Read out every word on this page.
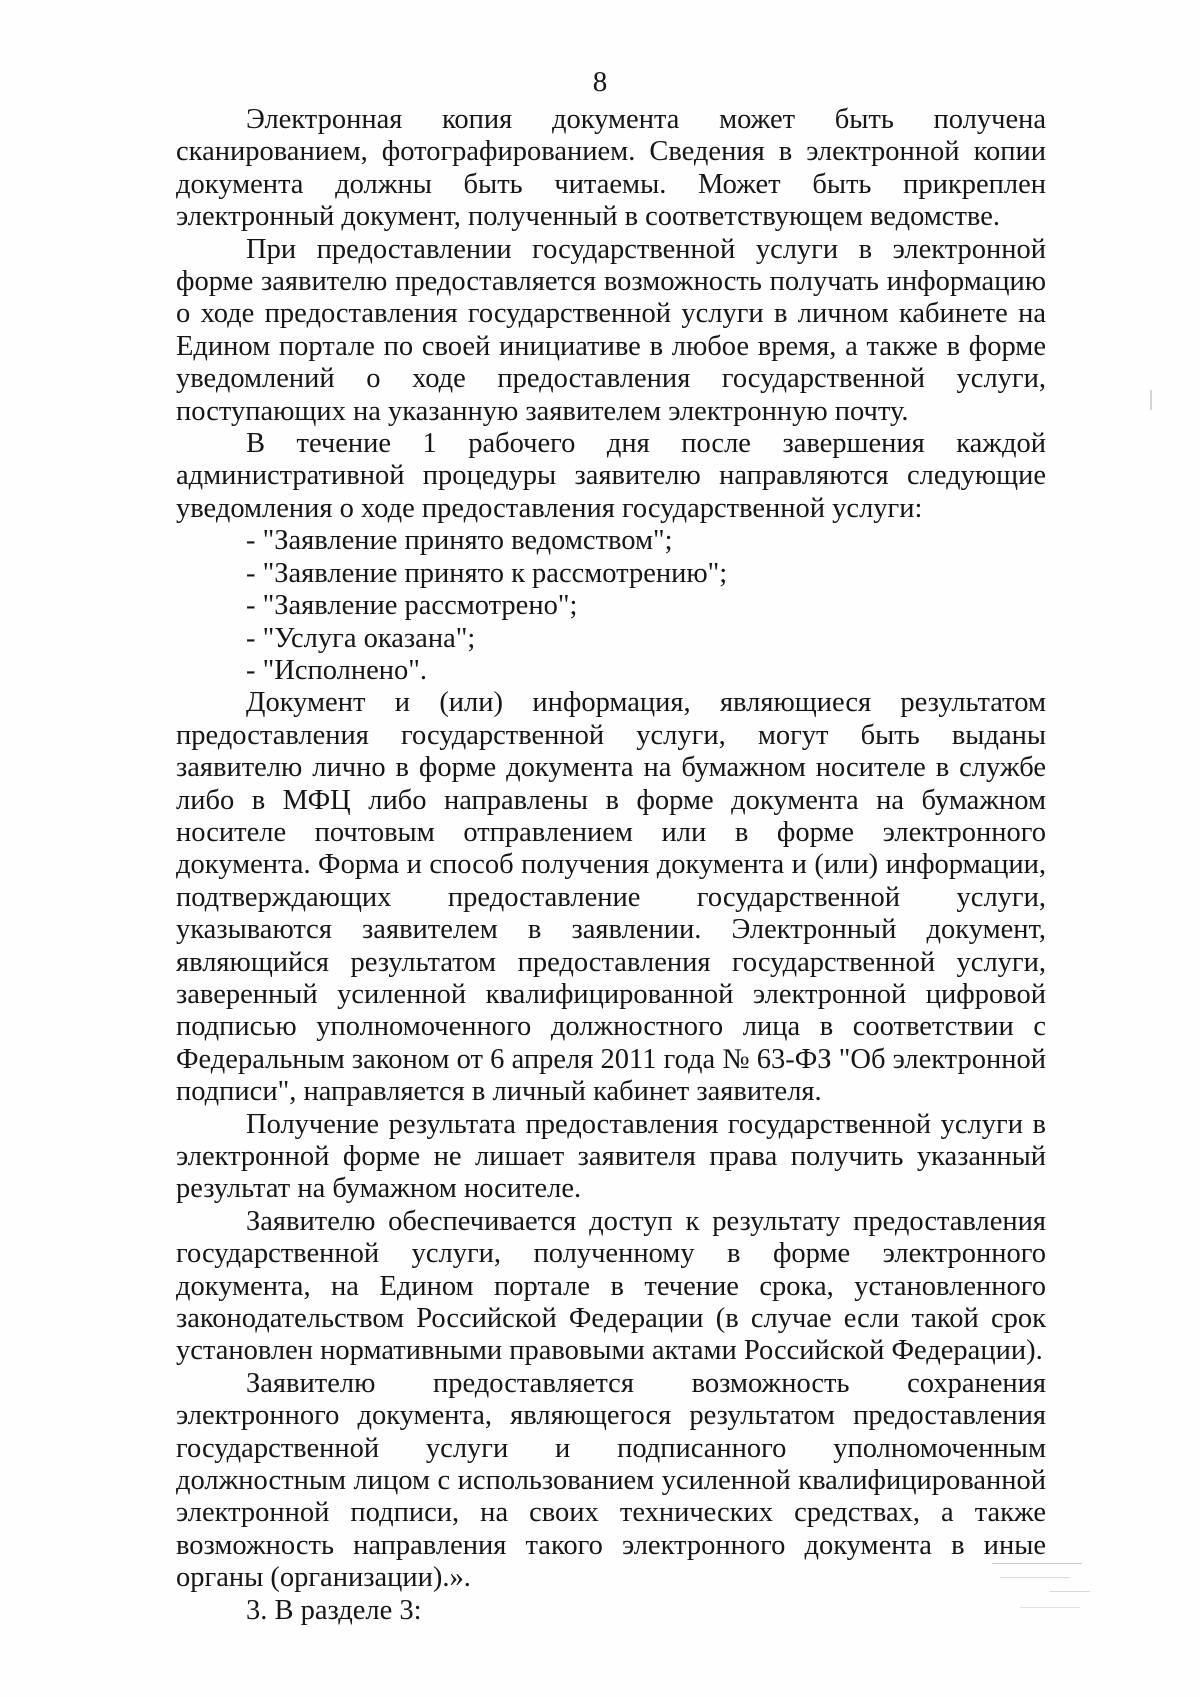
8

Электронная копия документа может быть получена сканированием, фотографированием. Сведения в электронной копии документа должны быть читаемы. Может быть прикреплен электронный документ, полученный в соответствующем ведомстве.

При предоставлении государственной услуги в электронной форме заявителю предоставляется возможность получать информацию о ходе предоставления государственной услуги в личном кабинете на Едином портале по своей инициативе в любое время, а также в форме уведомлений о ходе предоставления государственной услуги, поступающих на указанную заявителем электронную почту.

В течение 1 рабочего дня после завершения каждой административной процедуры заявителю направляются следующие уведомления о ходе предоставления государственной услуги:

- "Заявление принято ведомством";

- "Заявление принято к рассмотрению";

- "Заявление рассмотрено";

- "Услуга оказана";

- "Исполнено".

Документ и (или) информация, являющиеся результатом предоставления государственной услуги, могут быть выданы заявителю лично в форме документа на бумажном носителе в службе либо в МФЦ либо направлены в форме документа на бумажном носителе почтовым отправлением или в форме электронного документа. Форма и способ получения документа и (или) информации, подтверждающих предоставление государственной услуги, указываются заявителем в заявлении. Электронный документ, являющийся результатом предоставления государственной услуги, заверенный усиленной квалифицированной электронной цифровой подписью уполномоченного должностного лица в соответствии с Федеральным законом от 6 апреля 2011 года № 63-ФЗ "Об электронной подписи", направляется в личный кабинет заявителя.

Получение результата предоставления государственной услуги в электронной форме не лишает заявителя права получить указанный результат на бумажном носителе.

Заявителю обеспечивается доступ к результату предоставления государственной услуги, полученному в форме электронного документа, на Едином портале в течение срока, установленного законодательством Российской Федерации (в случае если такой срок установлен нормативными правовыми актами Российской Федерации).

Заявителю предоставляется возможность сохранения электронного документа, являющегося результатом предоставления государственной услуги и подписанного уполномоченным должностным лицом с использованием усиленной квалифицированной электронной подписи, на своих технических средствах, а также возможность направления такого электронного документа в иные органы (организации).».

3. В разделе 3:
